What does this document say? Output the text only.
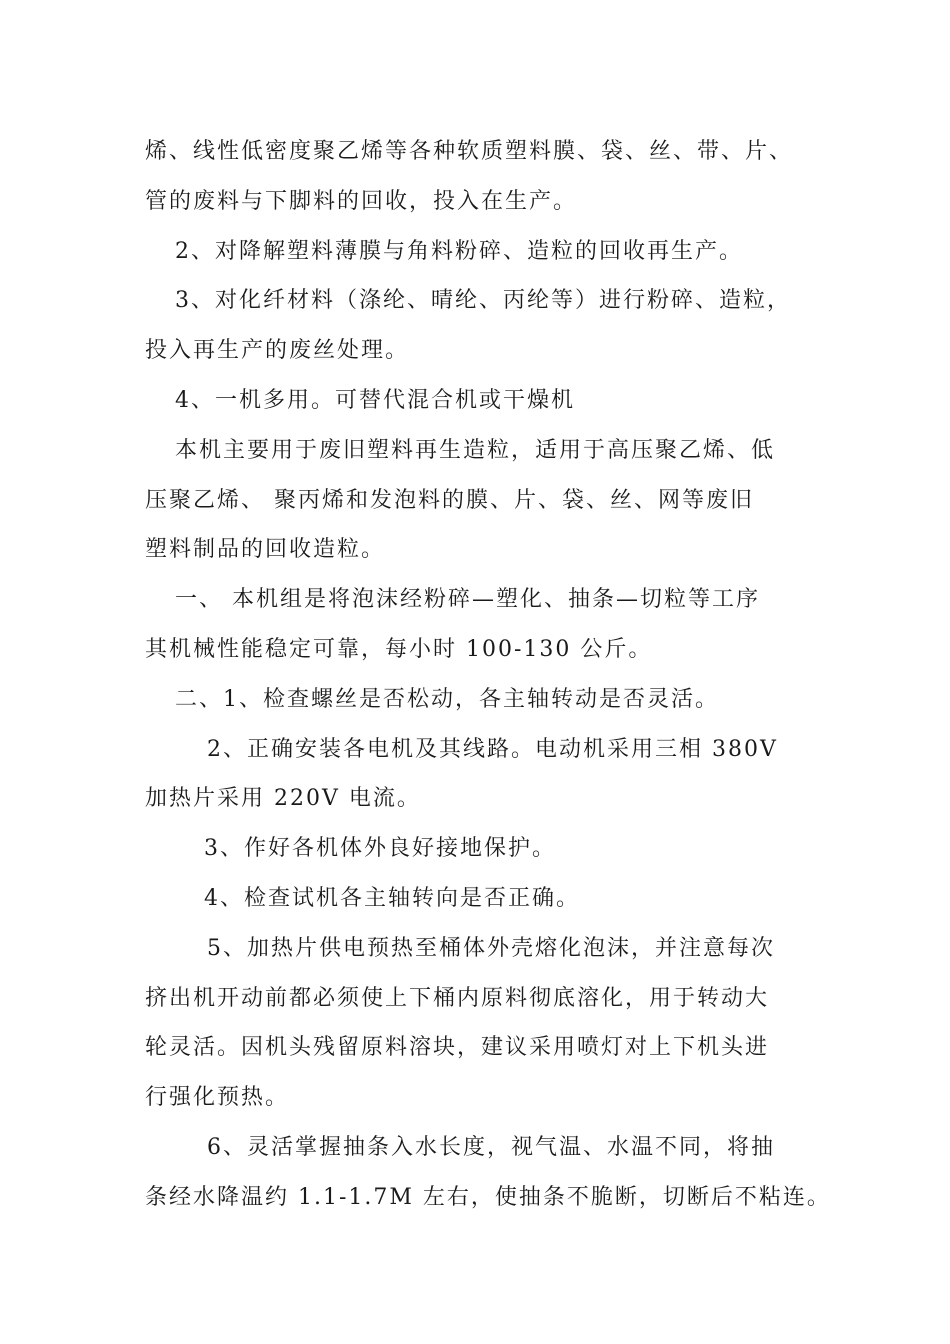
烯、线性低密度聚乙烯等各种软质塑料膜、袋、丝、带、片、
管的废料与下脚料的回收，投入在生产。
2、对降解塑料薄膜与角料粉碎、造粒的回收再生产。
3、对化纤材料（涤纶、晴纶、丙纶等）进行粉碎、造粒，
投入再生产的废丝处理。
4、一机多用。可替代混合机或干燥机
本机主要用于废旧塑料再生造粒，适用于高压聚乙烯、低
压聚乙烯、 聚丙烯和发泡料的膜、片、袋、丝、网等废旧
塑料制品的回收造粒。
一、 本机组是将泡沫经粉碎—塑化、抽条—切粒等工序
其机械性能稳定可靠，每小时 100-130 公斤。
二、1、检查螺丝是否松动，各主轴转动是否灵活。
2、正确安装各电机及其线路。电动机采用三相 380V
加热片采用 220V 电流。
3、作好各机体外良好接地保护。
4、检查试机各主轴转向是否正确。
5、加热片供电预热至桶体外壳熔化泡沫，并注意每次
挤出机开动前都必须使上下桶内原料彻底溶化，用于转动大
轮灵活。因机头残留原料溶块，建议采用喷灯对上下机头进
行强化预热。
6、灵活掌握抽条入水长度，视气温、水温不同，将抽
条经水降温约 1.1-1.7M 左右，使抽条不脆断，切断后不粘连。
